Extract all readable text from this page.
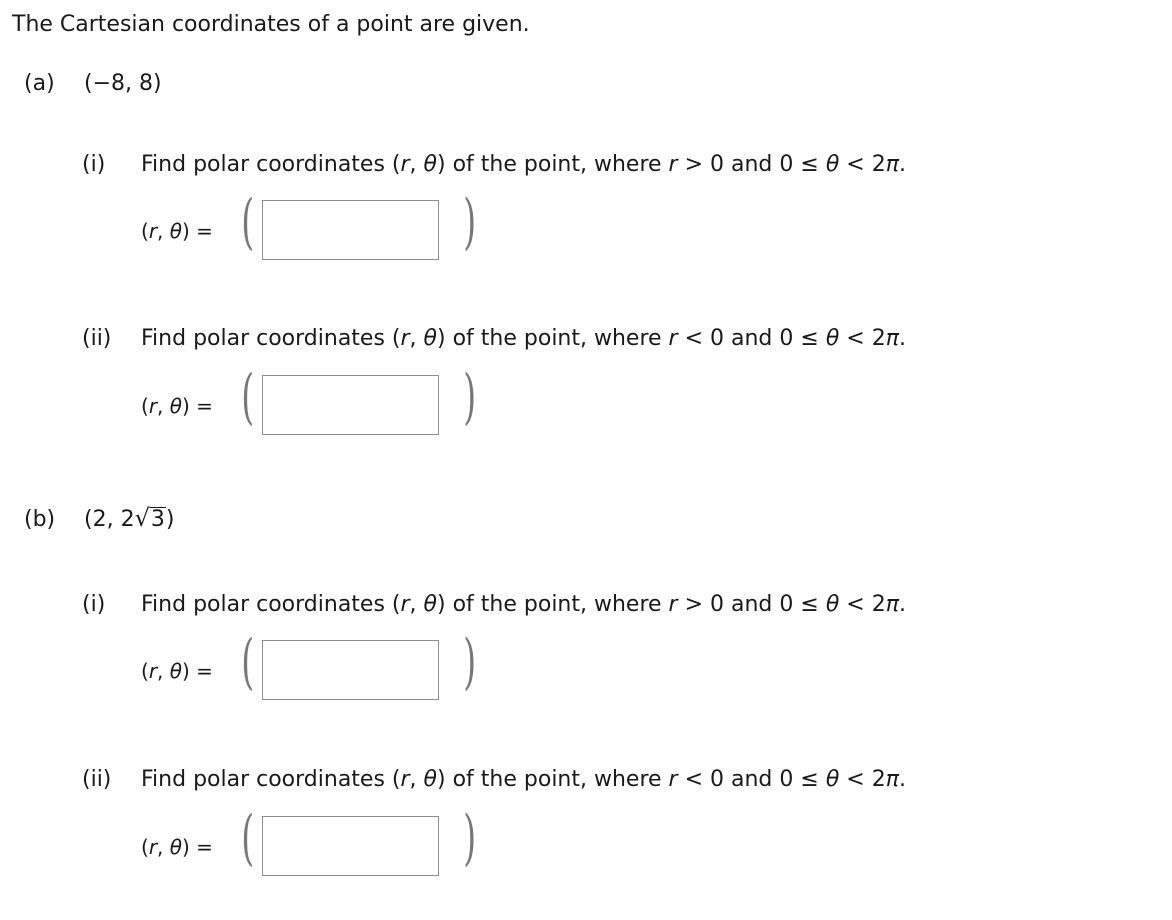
The Cartesian coordinates of a point are given.
(a) (−8, 8)
(i) Find polar coordinates (r, θ) of the point, where r > 0 and 0 ≤ θ < 2π.
(r, θ) = (	)
(ii) Find polar coordinates (r, θ) of the point, where r < 0 and 0 ≤ θ < 2π.
(r, θ) = (	)
(b) (2, 2√3)
(i) Find polar coordinates (r, θ) of the point, where r > 0 and 0 ≤ θ < 2π.
(r, θ) = (	)
(ii) Find polar coordinates (r, θ) of the point, where r < 0 and 0 ≤ θ < 2π.
(r, θ) = (	)
